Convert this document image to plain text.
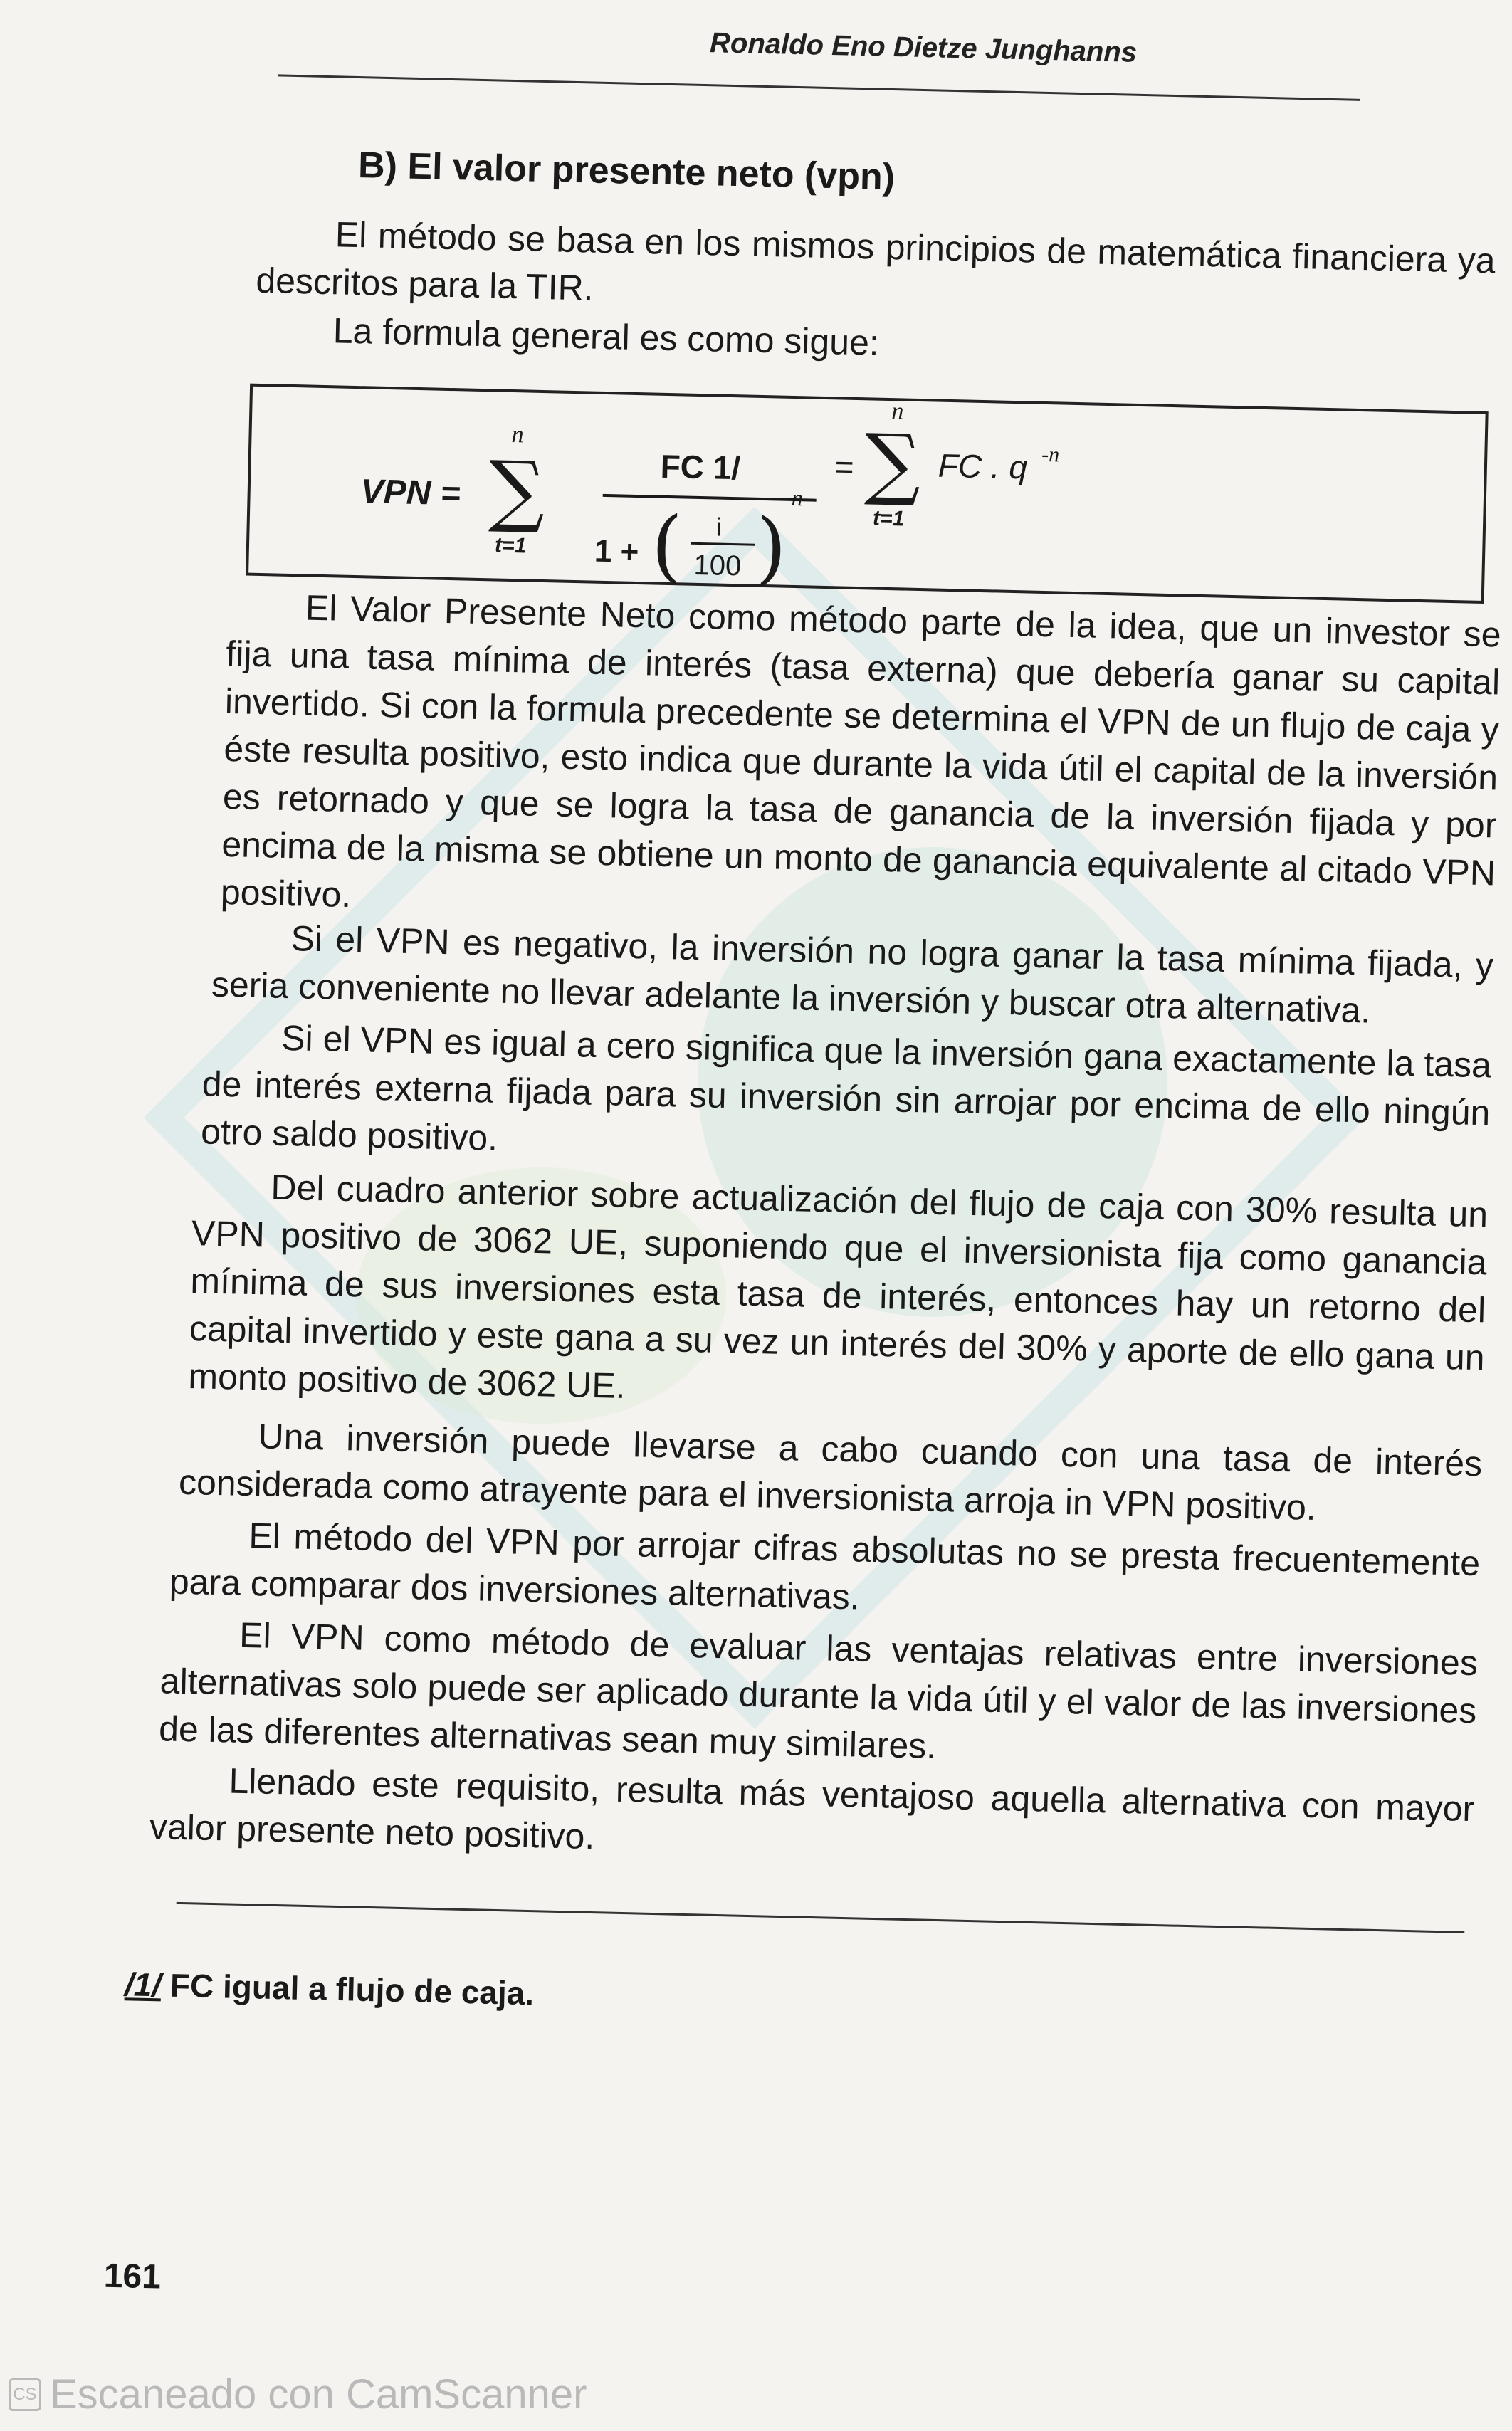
Ronaldo Eno Dietze Junghanns
B) El valor presente neto (vpn)

El método se basa en los mismos principios de matemática financiera ya descritos para la TIR.

La formula general es como sigue:

VPN = ∑
n
t=1
FC 1/
1 + ( i
100 )
n
= ∑
n
t=1
FC . q -n

El Valor Presente Neto como método parte de la idea, que un investor se fija una tasa mínima de interés (tasa externa) que debería ganar su capital invertido. Si con la formula precedente se determina el VPN de un flujo de caja y éste resulta positivo, esto indica que durante la vida útil el capital de la inversión es retornado y que se logra la tasa de ganancia de la inversión fijada y por encima de la misma se obtiene un monto de ganancia equivalente al citado VPN positivo.

Si el VPN es negativo, la inversión no logra ganar la tasa mínima fijada, y seria conveniente no llevar adelante la inversión y buscar otra alternativa.

Si el VPN es igual a cero significa que la inversión gana exactamente la tasa de interés externa fijada para su inversión sin arrojar por encima de ello ningún otro saldo positivo.

Del cuadro anterior sobre actualización del flujo de caja con 30% resulta un VPN positivo de 3062 UE, suponiendo que el inversionista fija como ganancia mínima de sus inversiones esta tasa de interés, entonces hay un retorno del capital invertido y este gana a su vez un interés del 30% y aporte de ello gana un monto positivo de 3062 UE.

Una inversión puede llevarse a cabo cuando con una tasa de interés considerada como atrayente para el inversionista arroja in VPN positivo.

El método del VPN por arrojar cifras absolutas no se presta frecuentemente para comparar dos inversiones alternativas.

El VPN como método de evaluar las ventajas relativas entre inversiones alternativas solo puede ser aplicado durante la vida útil y el valor de las inversiones de las diferentes alternativas sean muy similares.

Llenado este requisito, resulta más ventajoso aquella alternativa con mayor valor presente neto positivo.

/1/ FC igual a flujo de caja.
161
CS Escaneado con CamScanner
